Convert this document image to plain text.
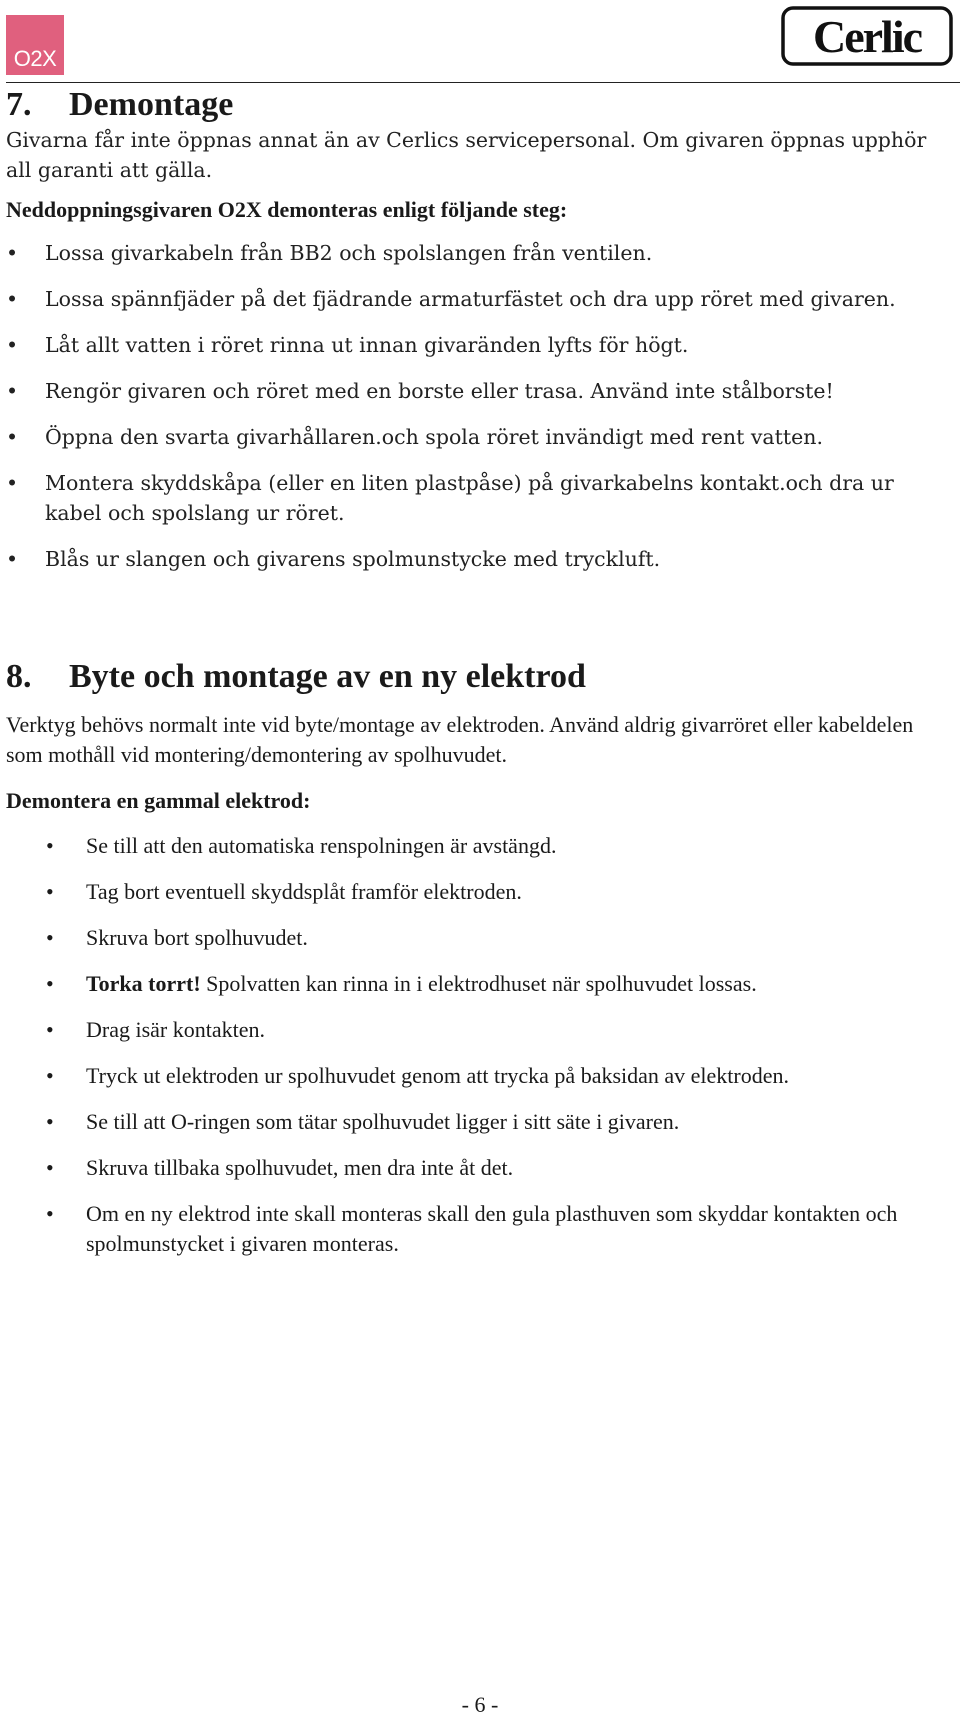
O2X	Cerlic
7. Demontage

Givarna får inte öppnas annat än av Cerlics servicepersonal. Om givaren öppnas upphör all garanti att gälla.

Neddoppningsgivaren O2X demonteras enligt följande steg:

• Lossa givarkabeln från BB2 och spolslangen från ventilen.
• Lossa spännfjäder på det fjädrande armaturfästet och dra upp röret med givaren.
• Låt allt vatten i röret rinna ut innan givaränden lyfts för högt.
• Rengör givaren och röret med en borste eller trasa. Använd inte stålborste!
• Öppna den svarta givarhållaren.och spola röret invändigt med rent vatten.
• Montera skyddskåpa (eller en liten plastpåse) på givarkabelns kontakt.och dra ur kabel och spolslang ur röret.
• Blås ur slangen och givarens spolmunstycke med tryckluft.
8. Byte och montage av en ny elektrod

Verktyg behövs normalt inte vid byte/montage av elektroden. Använd aldrig givarröret eller kabeldelen som mothåll vid montering/demontering av spolhuvudet.

Demontera en gammal elektrod:

• Se till att den automatiska renspolningen är avstängd.
• Tag bort eventuell skyddsplåt framför elektroden.
• Skruva bort spolhuvudet.
• Torka torrt! Spolvatten kan rinna in i elektrodhuset när spolhuvudet lossas.
• Drag isär kontakten.
• Tryck ut elektroden ur spolhuvudet genom att trycka på baksidan av elektroden.
• Se till att O-ringen som tätar spolhuvudet ligger i sitt säte i givaren.
• Skruva tillbaka spolhuvudet, men dra inte åt det.
• Om en ny elektrod inte skall monteras skall den gula plasthuven som skyddar kontakten och spolmunstycket i givaren monteras.
- 6 -
